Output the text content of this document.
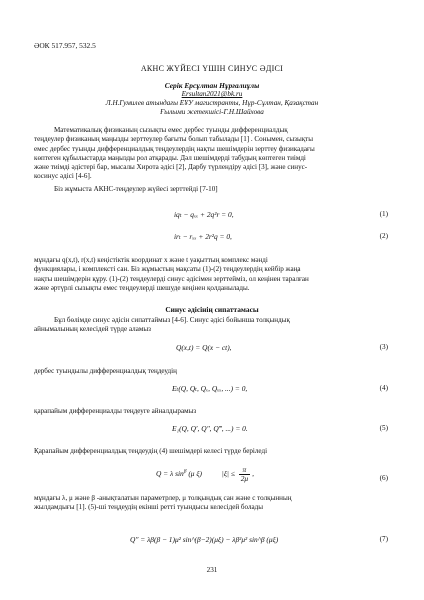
ӘОК 517.957, 532.5
АКНС ЖҮЙЕСІ ҮШІН СИНУС ӘДІСІ
Серік Ерсұлтан Нұрғалиұлы
Ersultan2021@bk.ru
Л.Н.Гумилев атындағы ЕҰУ магистранты, Нұр-Сұлтан, Қазақстан
Ғылыми жетекшісі-Г.Н.Шайхова
Математикалық физиканың сызықты емес дербес туынды дифференциалдық
теңдеулер физиканың маңызды зерттеулер бағыты болып табылады [1] . Сонымен, сызықты
емес дербес туынды дифференциалдық теңдеулердің нақты шешімдерін зерттеу физикадағы
көптеген құбылыстарда маңызды рол атқарады. Дәл шешімдерді табудың көптеген тиімді
және тиімді әдістері бар, мысалы Хирота әдісі [2], Дарбу түрлендіру әдісі [3], және синус-
косинус әдісі [4-6].
Біз жұмыста АКНС-теңдеулер жүйесі зерттейді [7-10]
iqₜ − qₓₓ + 2q²r = 0,	(1)
irₜ − rₓₓ + 2r²q = 0,	(2)
мұндағы q(x,t), r(x,t) кеңістіктік координат x және t уақыттың комплекс мәнді
функциялары, i комплексті сан. Біз жұмыстың мақсаты (1)-(2) теңдеулердің кейбір жаңа
нақты шешімдерін құру. (1)-(2) теңдеулерді синус әдісімен зерттейміз, ол кеңінен таралған
және әртүрлі сызықты емес теңдеулерді шешуде кеңінен қолданылады.
Синус әдісінің сипаттамасы
Бұл бөлімде синус әдісін сипаттаймыз [4-6]. Синус әдісі бойынша толқындық
айнымалының келесідей түрде аламыз
Q(x,t) = Q(x − ct),	(3)
дербес туындылы дифференциалдық теңдеудің
Eₜ(Q, Qₜ, Qₓ, Qₓₓ, ...) = 0,	(4)
қарапайым дифференциалды теңдеуге айналдырамыз
E₁(Q, Q′, Q″, Q‴, ...) = 0.	(5)
Қарапайым дифференциалдық теңдеудің (4) шешімдері келесі түрде беріледі
Q = λ $\sin^\beta (\mu$ ξ)	$|\xi| \le \frac{\pi}{2\mu}$ ,	(6)
мұндағы λ, μ және β -анықталатын параметрлер, μ толқындық сан және c толқынның
жылдамдығы [1]. (5)-ші теңдеудің екінші ретті туындысы келесідей болады
Q″ = λβ(β − 1)μ² sin^(β−2)(μξ) − λβ²μ² sin^β (μξ)	(7)
231
